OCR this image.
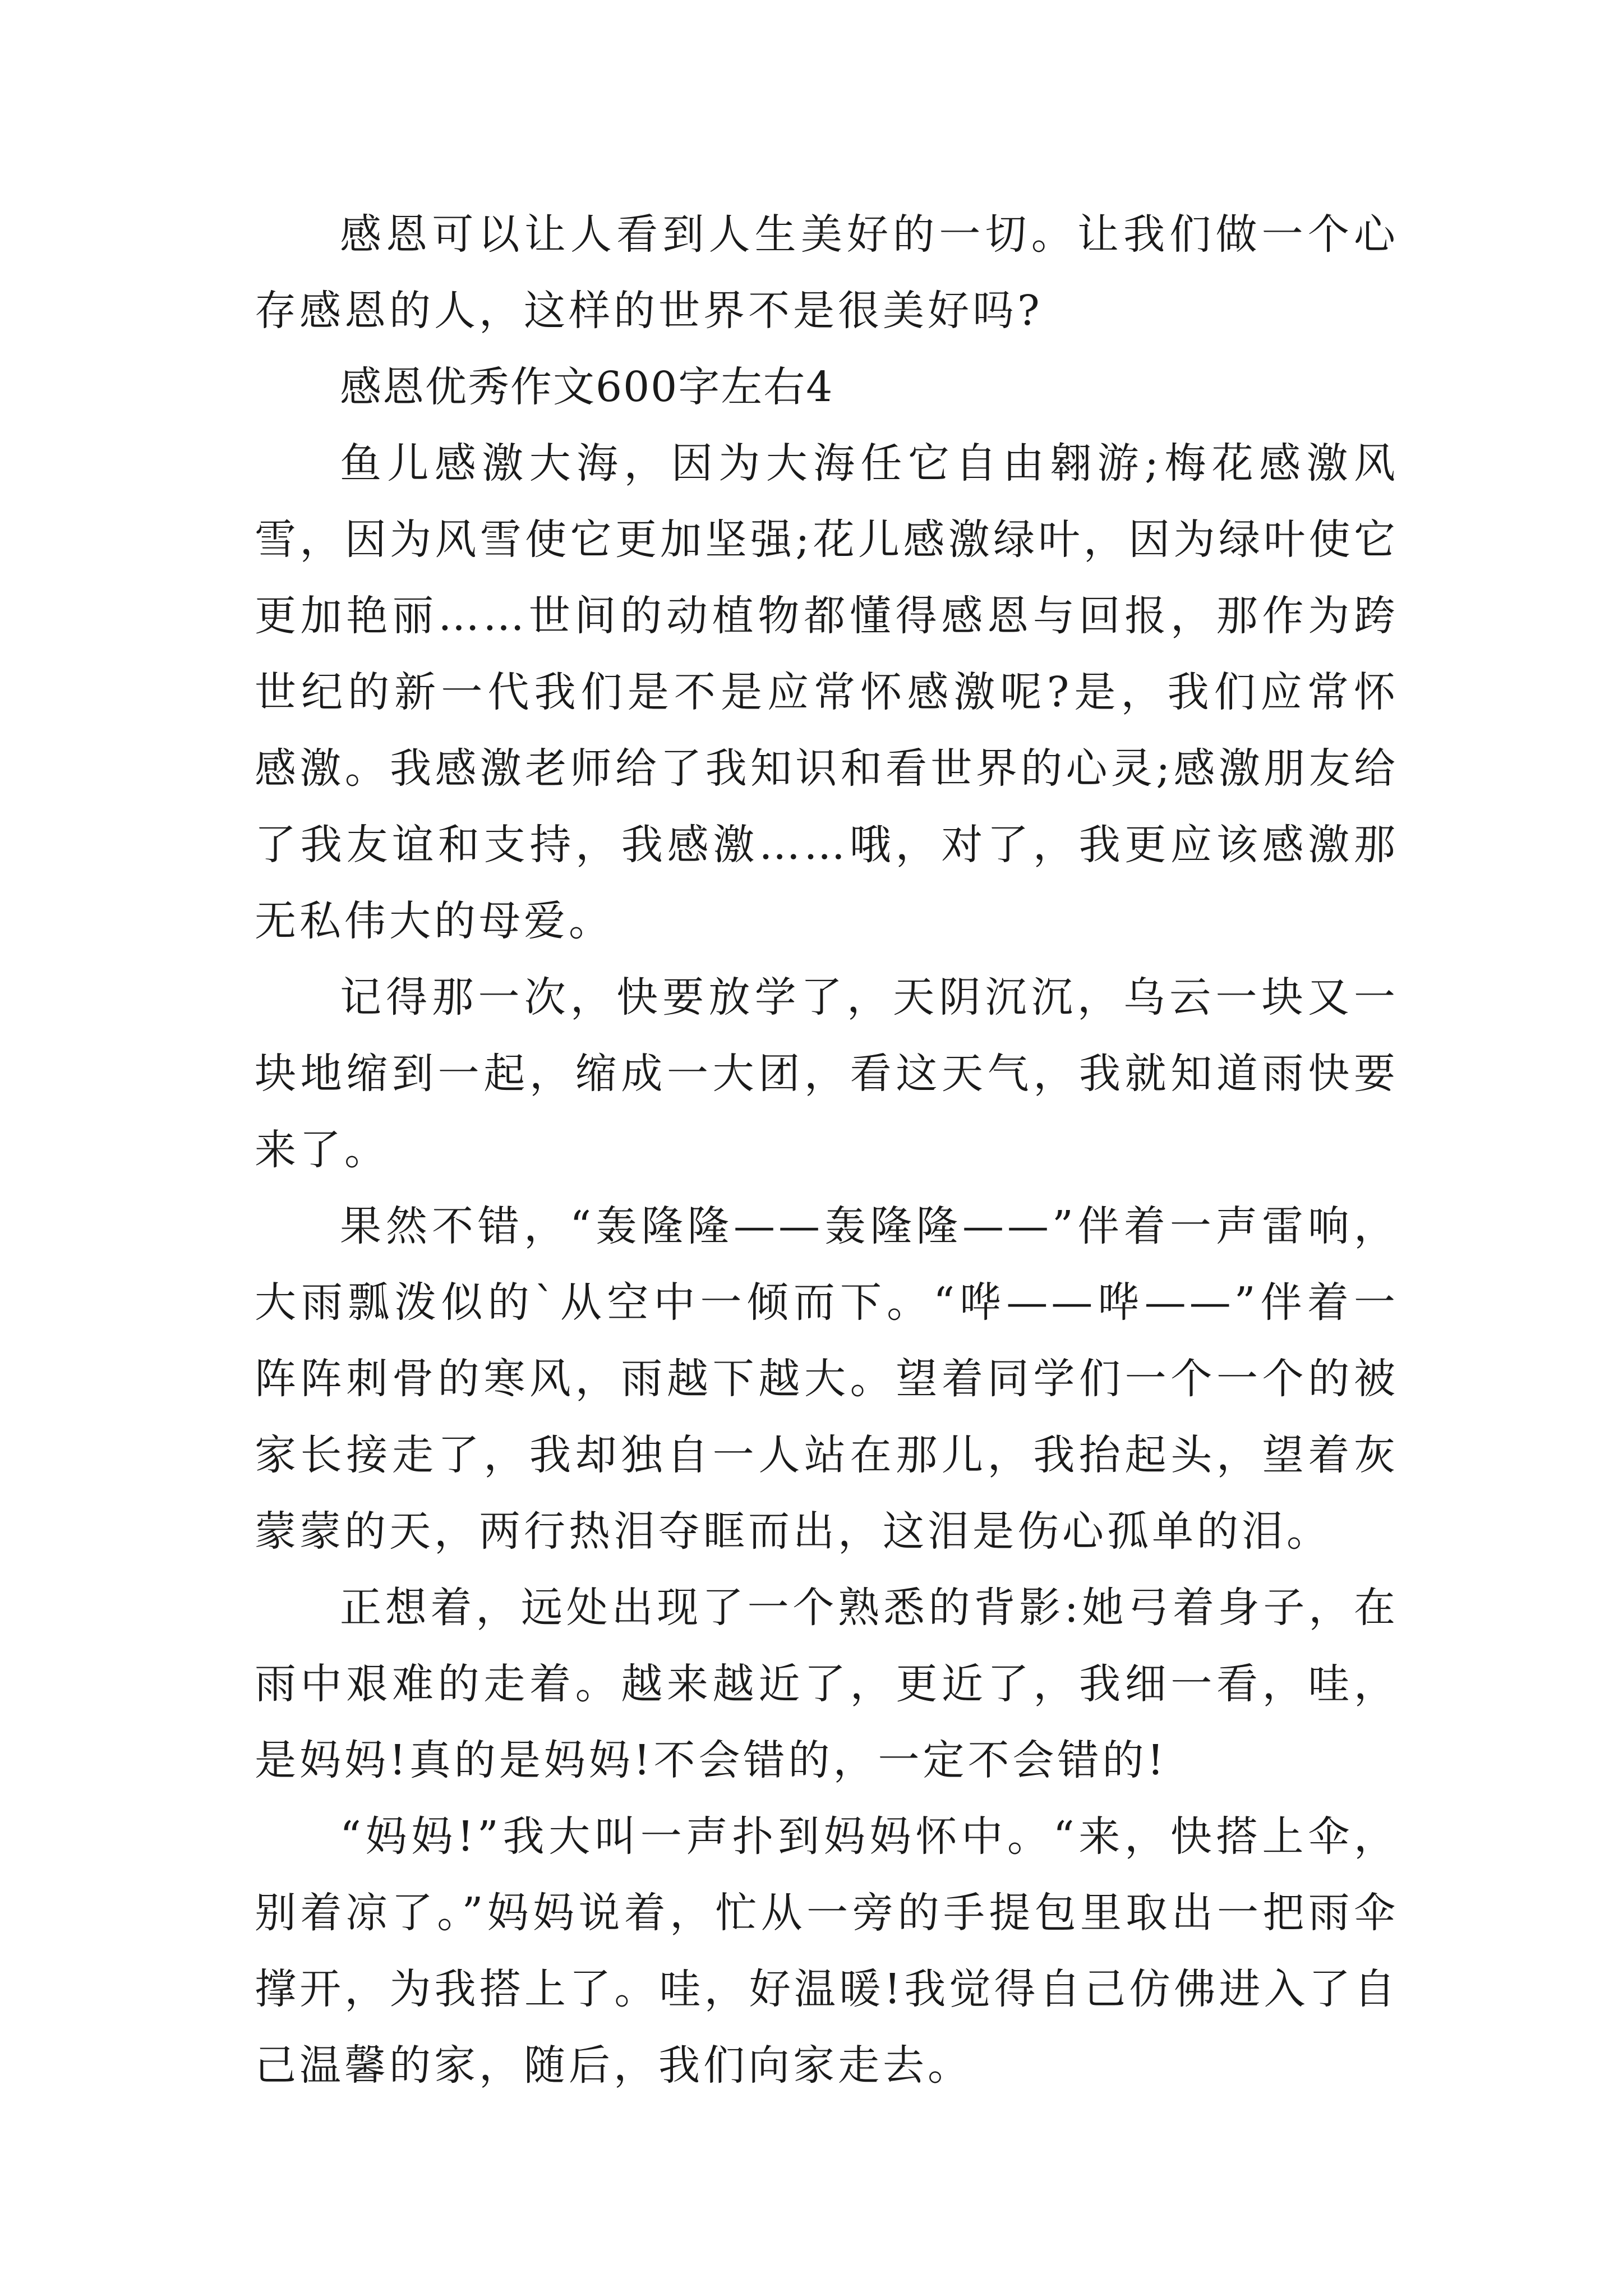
感恩可以让人看到人生美好的一切。让我们做一个心存感恩的人，这样的世界不是很美好吗?

感恩优秀作文600字左右4

鱼儿感激大海，因为大海任它自由翱游;梅花感激风雪，因为风雪使它更加坚强;花儿感激绿叶，因为绿叶使它更加艳丽……世间的动植物都懂得感恩与回报，那作为跨世纪的新一代我们是不是应常怀感激呢?是，我们应常怀感激。我感激老师给了我知识和看世界的心灵;感激朋友给了我友谊和支持，我感激……哦，对了，我更应该感激那无私伟大的母爱。

记得那一次，快要放学了，天阴沉沉，乌云一块又一块地缩到一起，缩成一大团，看这天气，我就知道雨快要来了。

果然不错，“轰隆隆——轰隆隆——”伴着一声雷响，大雨瓢泼似的`从空中一倾而下。“哗——哗——”伴着一阵阵刺骨的寒风，雨越下越大。望着同学们一个一个的被家长接走了，我却独自一人站在那儿，我抬起头，望着灰蒙蒙的天，两行热泪夺眶而出，这泪是伤心孤单的泪。

正想着，远处出现了一个熟悉的背影:她弓着身子，在雨中艰难的走着。越来越近了，更近了，我细一看，哇，是妈妈!真的是妈妈!不会错的，一定不会错的!

“妈妈!”我大叫一声扑到妈妈怀中。“来，快搭上伞，别着凉了。”妈妈说着，忙从一旁的手提包里取出一把雨伞撑开，为我搭上了。哇，好温暖!我觉得自己仿佛进入了自己温馨的家，随后，我们向家走去。
